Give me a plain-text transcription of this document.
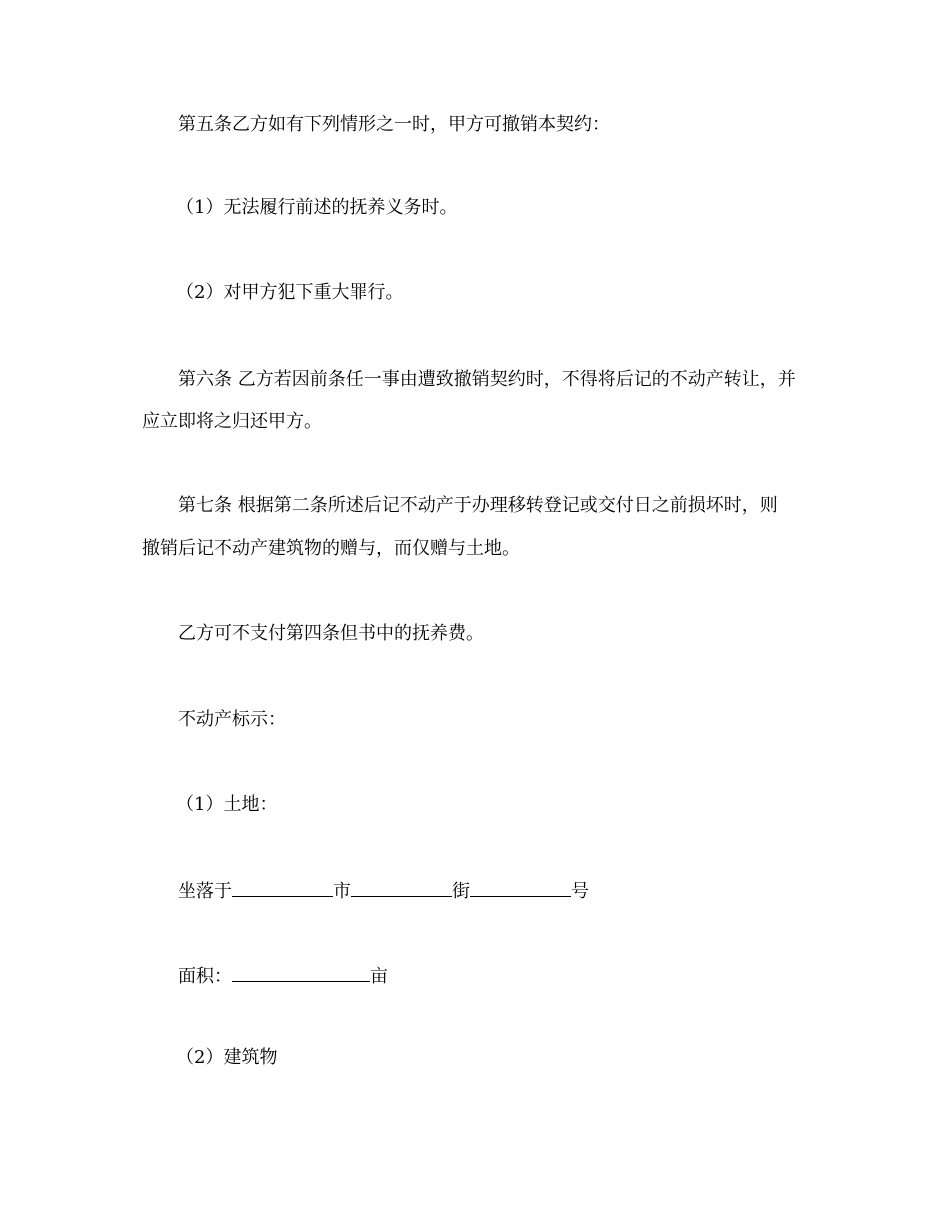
第五条乙方如有下列情形之一时，甲方可撤销本契约：
（1）无法履行前述的抚养义务时。
（2）对甲方犯下重大罪行。
第六条 乙方若因前条任一事由遭致撤销契约时，不得将后记的不动产转让，并
应立即将之归还甲方。
第七条 根据第二条所述后记不动产于办理移转登记或交付日之前损坏时，则
撤销后记不动产建筑物的赠与，而仅赠与土地。
乙方可不支付第四条但书中的抚养费。
不动产标示：
（1）土地：
坐落于	市	街	号
面积：	亩
（2）建筑物
